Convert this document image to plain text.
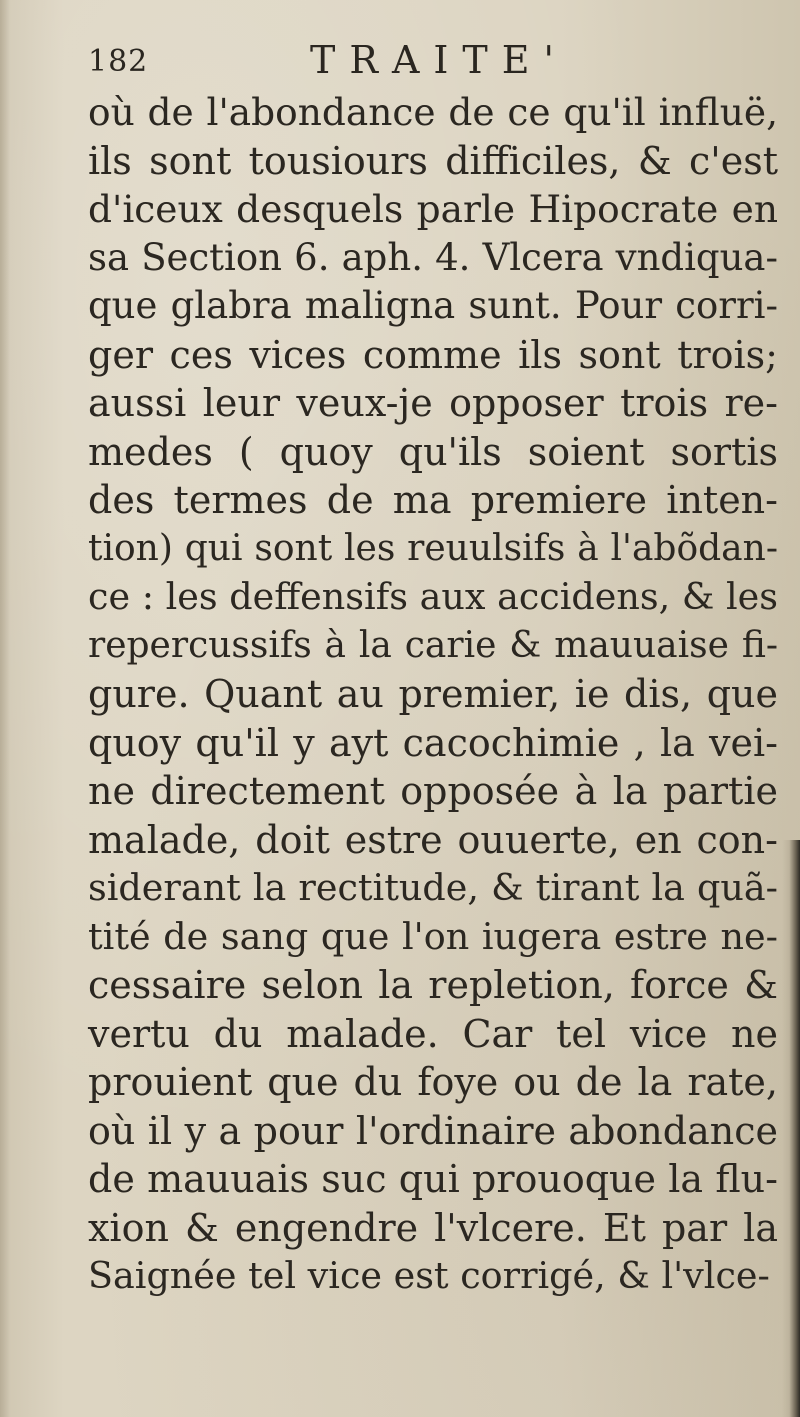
182	TRAITE'
où de l'abondance de ce qu'il influë,
ils sont tousiours difficiles, & c'est
d'iceux desquels parle Hipocrate en
sa Section 6. aph. 4. Vlcera vndiqua-
que glabra maligna sunt. Pour corri-
ger ces vices comme ils sont trois;
aussi leur veux-je opposer trois re-
medes ( quoy qu'ils soient sortis
des termes de ma premiere inten-
tion) qui sont les reuulsifs à l'abõdan-
ce : les deffensifs aux accidens, & les
repercussifs à la carie & mauuaise fi-
gure. Quant au premier, ie dis, que
quoy qu'il y ayt cacochimie , la vei-
ne directement opposée à la partie
malade, doit estre ouuerte, en con-
siderant la rectitude, & tirant la quã-
tité de sang que l'on iugera estre ne-
cessaire selon la repletion, force &
vertu du malade. Car tel vice ne
prouient que du foye ou de la rate,
où il y a pour l'ordinaire abondance
de mauuais suc qui prouoque la flu-
xion & engendre l'vlcere. Et par la
Saignée tel vice est corrigé, & l'vlce-
